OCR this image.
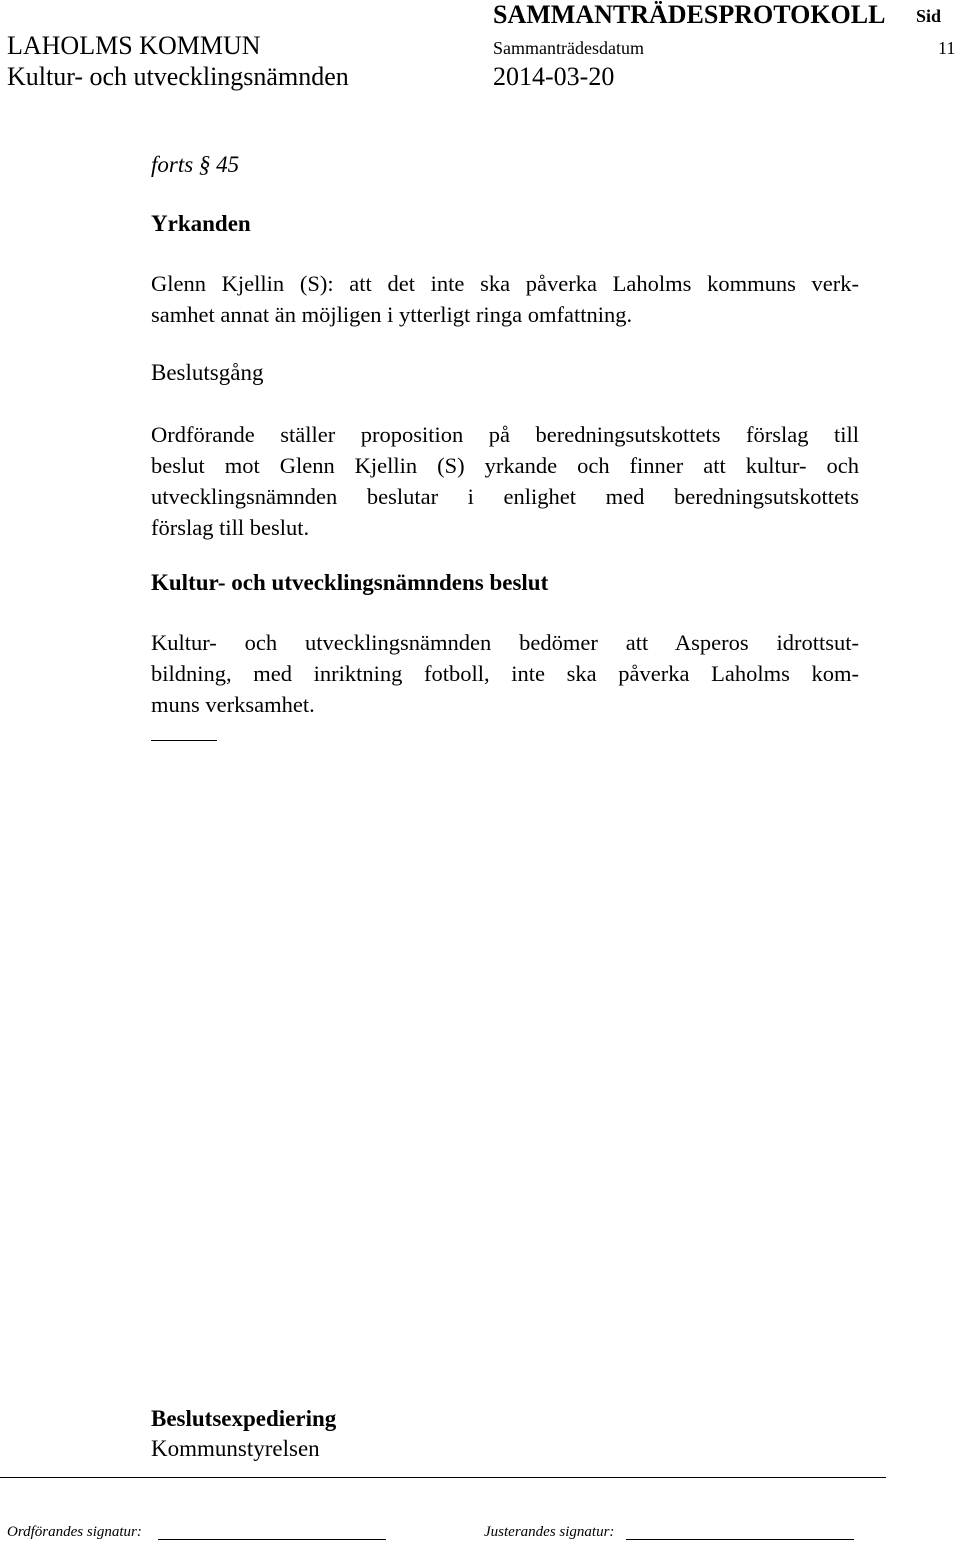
SAMMANTRÄDESPROTOKOLL Sid
LAHOLMS KOMMUN	Sammanträdesdatum	11
Kultur- och utvecklingsnämnden	2014-03-20
forts § 45
Yrkanden
Glenn Kjellin (S): att det inte ska påverka Laholms kommuns verk-
samhet annat än möjligen i ytterligt ringa omfattning.
Beslutsgång
Ordförande ställer proposition på beredningsutskottets förslag till
beslut mot Glenn Kjellin (S) yrkande och finner att kultur- och
utvecklingsnämnden beslutar i enlighet med beredningsutskottets
förslag till beslut.
Kultur- och utvecklingsnämndens beslut
Kultur- och utvecklingsnämnden bedömer att Asperos idrottsut-
bildning, med inriktning fotboll, inte ska påverka Laholms kom-
muns verksamhet.
Beslutsexpediering
Kommunstyrelsen
Ordförandes signatur:	Justerandes signatur:
